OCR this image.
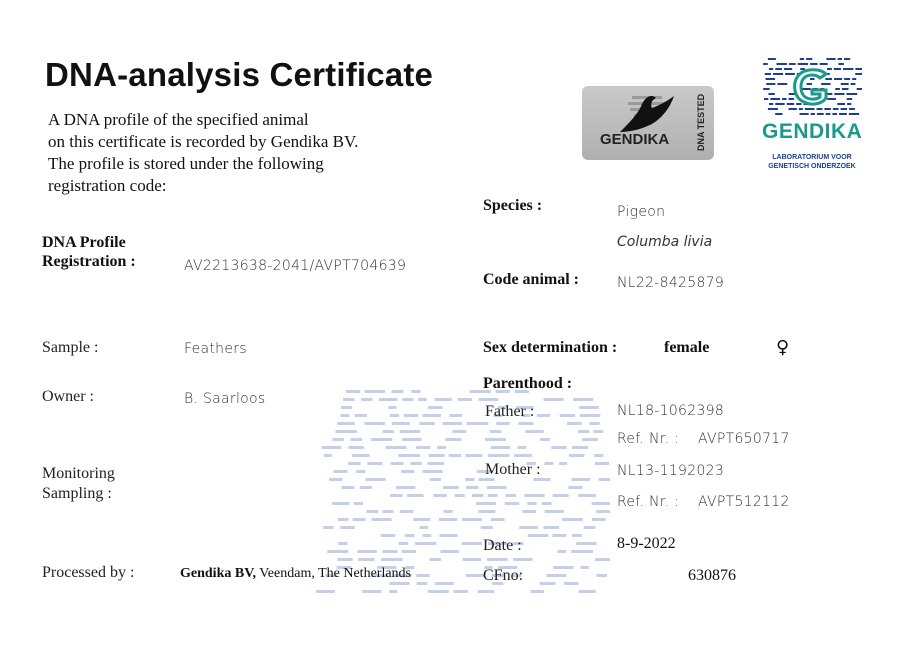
DNA-analysis Certificate
A DNA profile of the specified animal
on this certificate is recorded by Gendika BV.
The profile is stored under the following
registration code:
GENDIKA	DNA TESTED	GENDIKA
LABORATORIUM VOOR
GENETISCH ONDERZOEK
DNA Profile
Registration :	AV2213638-2041/AVPT704639
Sample :	Feathers
Owner :	B. Saarloos
Monitoring
Sampling :
Processed by :	Gendika BV, Veendam, The Netherlands
Species :	Pigeon
Columba livia
Code animal :	NL22-8425879
Sex determination :	female	♀
Parenthood :
Father :	NL18-1062398
Ref. Nr. : AVPT650717
Mother :	NL13-1192023
Ref. Nr. : AVPT512112
Date :	8-9-2022
CFno:	630876
